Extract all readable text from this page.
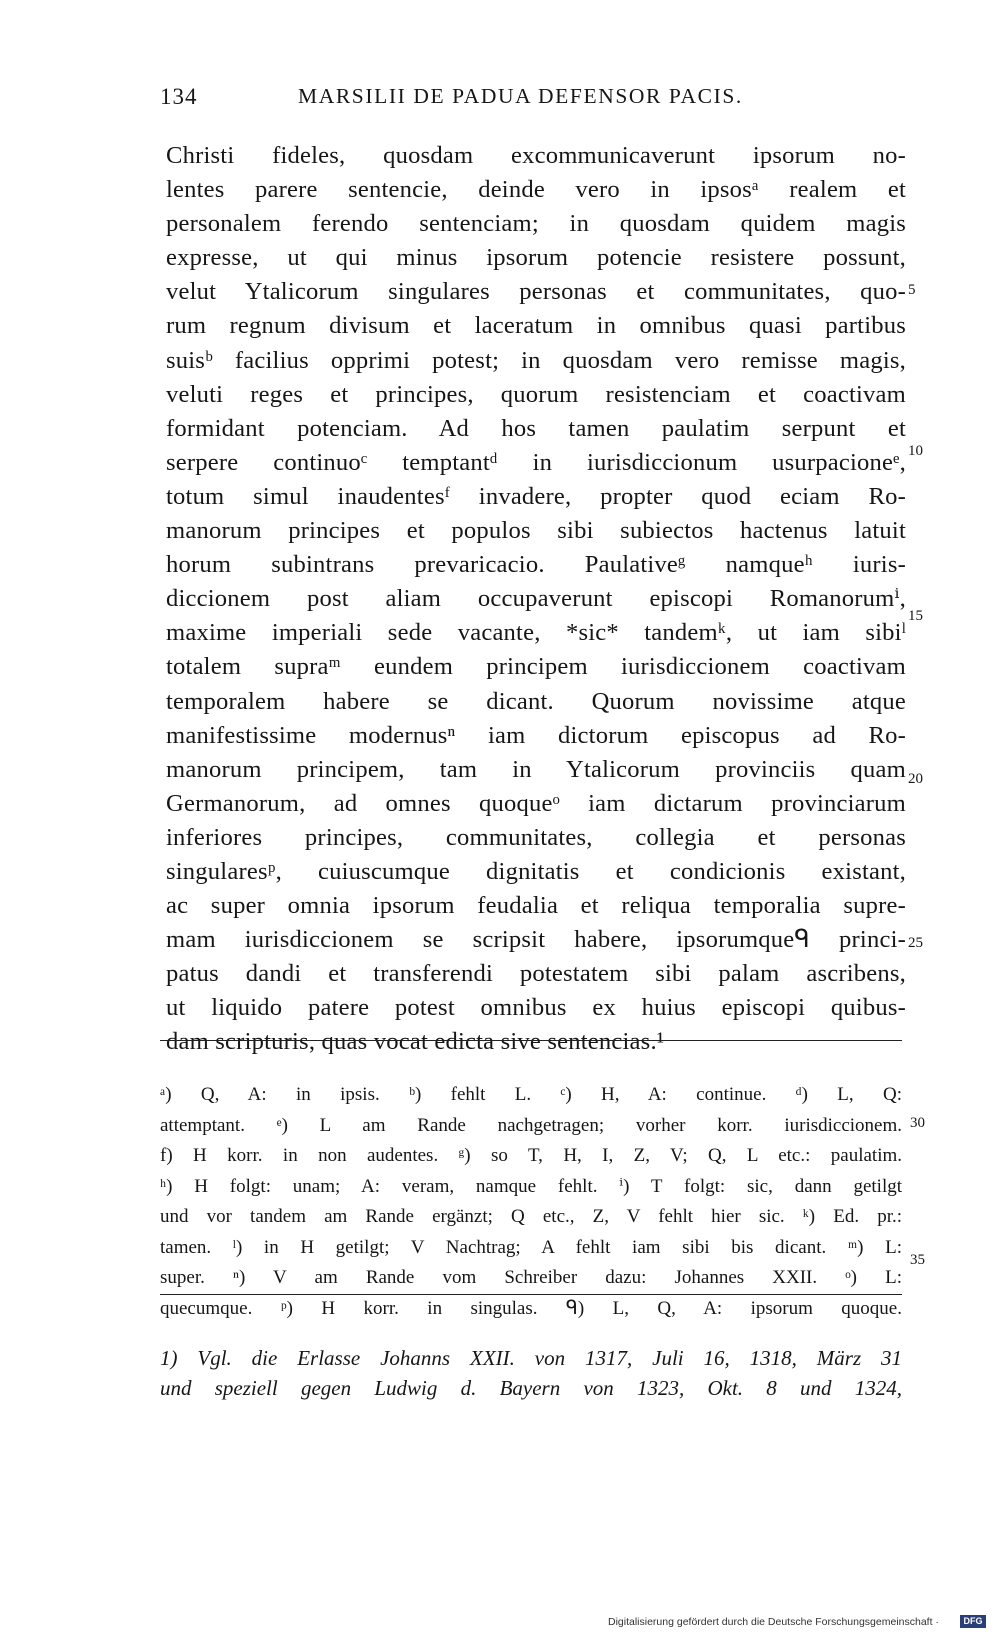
134	MARSILII DE PADUA DEFENSOR PACIS.
Christi fideles, quosdam excommunicaverunt ipsorum no-
lentes parere sentencie, deinde vero in ipsosᵃ realem et
personalem ferendo sentenciam; in quosdam quidem magis
expresse, ut qui minus ipsorum potencie resistere possunt,
velut Ytalicorum singulares personas et communitates, quo-
rum regnum divisum et laceratum in omnibus quasi partibus
suisᵇ facilius opprimi potest; in quosdam vero remisse magis,
veluti reges et principes, quorum resistenciam et coactivam
formidant potenciam. Ad hos tamen paulatim serpunt et
serpere continuoᶜ temptantᵈ in iurisdiccionum usurpacioneᵉ,
totum simul inaudentesᶠ invadere, propter quod eciam Ro-
manorum principes et populos sibi subiectos hactenus latuit
horum subintrans prevaricacio. Paulativeᵍ namqueʰ iuris-
diccionem post aliam occupaverunt episcopi Romanorumⁱ,
maxime imperiali sede vacante, *sic* tandemᵏ, ut iam sibiˡ
totalem supraᵐ eundem principem iurisdiccionem coactivam
temporalem habere se dicant. Quorum novissime atque
manifestissime modernusⁿ iam dictorum episcopus ad Ro-
manorum principem, tam in Ytalicorum provinciis quam
Germanorum, ad omnes quoqueᵒ iam dictarum provinciarum
inferiores principes, communitates, collegia et personas
singularesᵖ, cuiuscumque dignitatis et condicionis existant,
ac super omnia ipsorum feudalia et reliqua temporalia supre-
mam iurisdiccionem se scripsit habere, ipsorumqueᑫ princi-
patus dandi et transferendi potestatem sibi palam ascribens,
ut liquido patere potest omnibus ex huius episcopi quibus-
dam scripturis, quas vocat edicta sive sentencias.¹
5
10
15
20
25
ᵃ) Q, A: in ipsis. ᵇ) fehlt L. ᶜ) H, A: continue. ᵈ) L, Q:
attemptant. ᵉ) L am Rande nachgetragen; vorher korr. iurisdiccionem.
f) H korr. in non audentes. ᵍ) so T, H, I, Z, V; Q, L etc.: paulatim.
ʰ) H folgt: unam; A: veram, namque fehlt. ⁱ) T folgt: sic, dann getilgt
und vor tandem am Rande ergänzt; Q etc., Z, V fehlt hier sic. ᵏ) Ed. pr.:
tamen. ˡ) in H getilgt; V Nachtrag; A fehlt iam sibi bis dicant. ᵐ) L:
super. ⁿ) V am Rande vom Schreiber dazu: Johannes XXII. ᵒ) L:
quecumque. ᵖ) H korr. in singulas. ᑫ) L, Q, A: ipsorum quoque.
30
35
1) Vgl. die Erlasse Johanns XXII. von 1317, Juli 16, 1318, März 31
und speziell gegen Ludwig d. Bayern von 1323, Okt. 8 und 1324,
Digitalisierung gefördert durch die Deutsche Forschungsgemeinschaft ·	DFG
